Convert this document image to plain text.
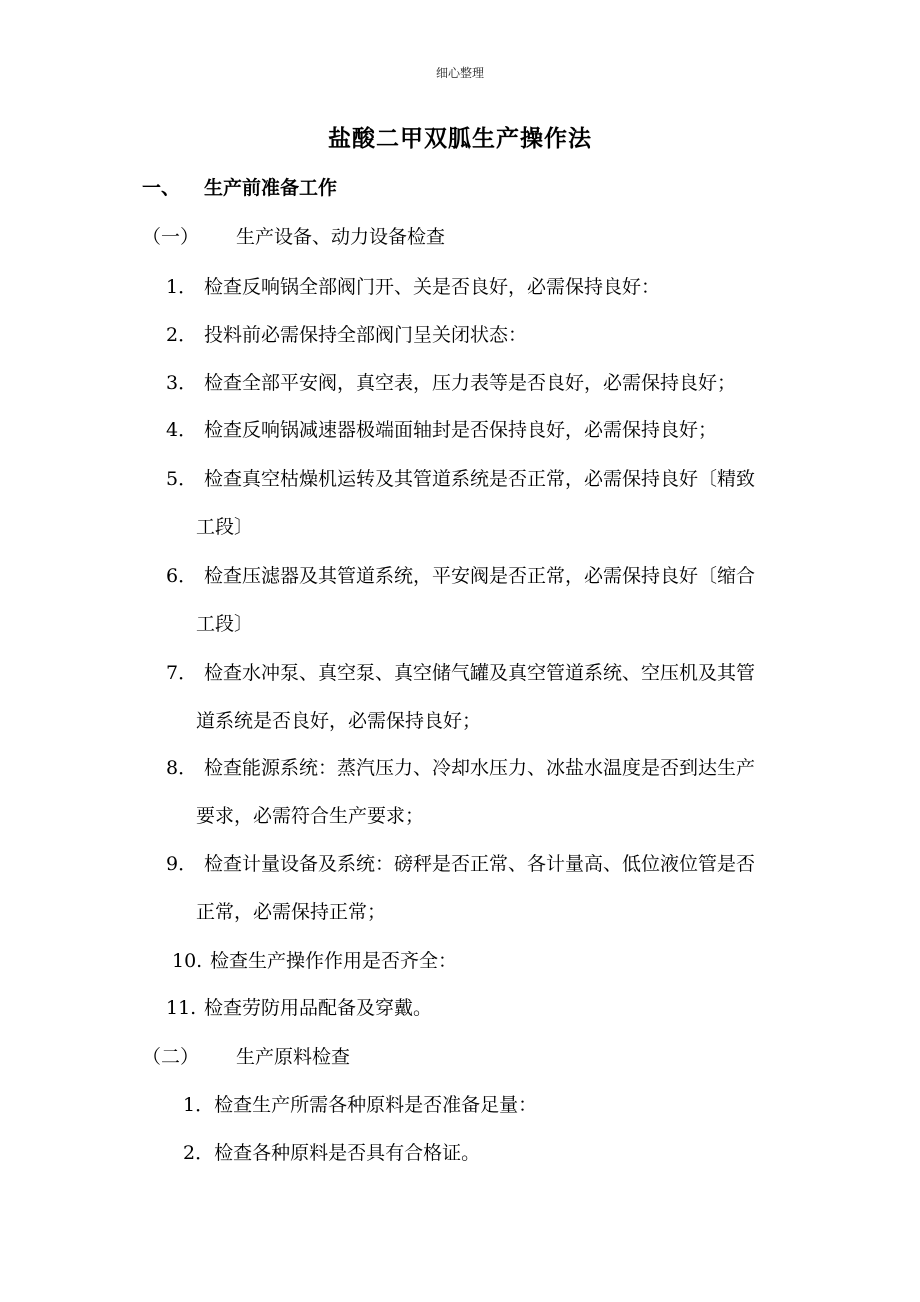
细心整理
盐酸二甲双胍生产操作法
一、 生产前准备工作
（一） 生产设备、动力设备检查
1． 检查反响锅全部阀门开、关是否良好，必需保持良好：
2． 投料前必需保持全部阀门呈关闭状态：
3． 检查全部平安阀，真空表，压力表等是否良好，必需保持良好；
4． 检查反响锅减速器极端面轴封是否保持良好，必需保持良好；
5． 检查真空枯燥机运转及其管道系统是否正常，必需保持良好〔精致
工段〕
6． 检查压滤器及其管道系统，平安阀是否正常，必需保持良好〔缩合
工段〕
7． 检查水冲泵、真空泵、真空储气罐及真空管道系统、空压机及其管
道系统是否良好，必需保持良好；
8． 检查能源系统：蒸汽压力、冷却水压力、冰盐水温度是否到达生产
要求，必需符合生产要求；
9． 检查计量设备及系统：磅秤是否正常、各计量高、低位液位管是否
正常，必需保持正常；
10. 检查生产操作作用是否齐全：
11. 检查劳防用品配备及穿戴。
（二） 生产原料检查
1．检查生产所需各种原料是否准备足量：
2．检查各种原料是否具有合格证。
